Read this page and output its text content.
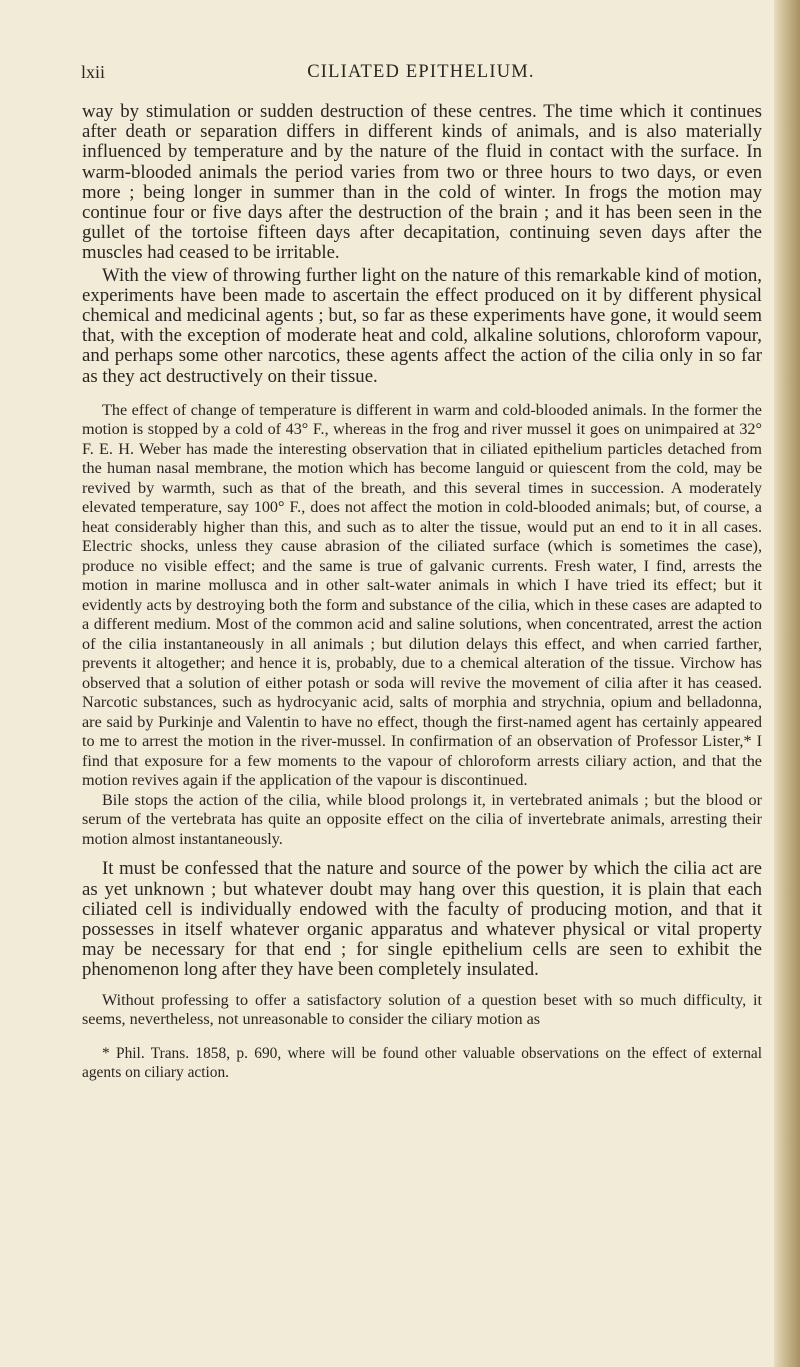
lxii	CILIATED EPITHELIUM.

way by stimulation or sudden destruction of these centres. The time which it continues after death or separation differs in different kinds of animals, and is also materially influenced by temperature and by the nature of the fluid in contact with the surface. In warm-blooded animals the period varies from two or three hours to two days, or even more ; being longer in summer than in the cold of winter. In frogs the motion may continue four or five days after the destruction of the brain ; and it has been seen in the gullet of the tortoise fifteen days after decapitation, continuing seven days after the muscles had ceased to be irritable.

With the view of throwing further light on the nature of this remarkable kind of motion, experiments have been made to ascertain the effect produced on it by different physical chemical and medicinal agents ; but, so far as these experiments have gone, it would seem that, with the exception of moderate heat and cold, alkaline solutions, chloroform vapour, and perhaps some other narcotics, these agents affect the action of the cilia only in so far as they act destructively on their tissue.

The effect of change of temperature is different in warm and cold-blooded animals. In the former the motion is stopped by a cold of 43° F., whereas in the frog and river mussel it goes on unimpaired at 32° F. E. H. Weber has made the interesting observation that in ciliated epithelium particles detached from the human nasal membrane, the motion which has become languid or quiescent from the cold, may be revived by warmth, such as that of the breath, and this several times in succession. A moderately elevated temperature, say 100° F., does not affect the motion in cold-blooded animals; but, of course, a heat considerably higher than this, and such as to alter the tissue, would put an end to it in all cases. Electric shocks, unless they cause abrasion of the ciliated surface (which is sometimes the case), produce no visible effect; and the same is true of galvanic currents. Fresh water, I find, arrests the motion in marine mollusca and in other salt-water animals in which I have tried its effect; but it evidently acts by destroying both the form and substance of the cilia, which in these cases are adapted to a different medium. Most of the common acid and saline solutions, when concentrated, arrest the action of the cilia instantaneously in all animals ; but dilution delays this effect, and when carried farther, prevents it altogether; and hence it is, probably, due to a chemical alteration of the tissue. Virchow has observed that a solution of either potash or soda will revive the movement of cilia after it has ceased. Narcotic substances, such as hydrocyanic acid, salts of morphia and strychnia, opium and belladonna, are said by Purkinje and Valentin to have no effect, though the first-named agent has certainly appeared to me to arrest the motion in the river-mussel. In confirmation of an observation of Professor Lister,* I find that exposure for a few moments to the vapour of chloroform arrests ciliary action, and that the motion revives again if the application of the vapour is discontinued.

Bile stops the action of the cilia, while blood prolongs it, in vertebrated animals ; but the blood or serum of the vertebrata has quite an opposite effect on the cilia of invertebrate animals, arresting their motion almost instantaneously.

It must be confessed that the nature and source of the power by which the cilia act are as yet unknown ; but whatever doubt may hang over this question, it is plain that each ciliated cell is individually endowed with the faculty of producing motion, and that it possesses in itself whatever organic apparatus and whatever physical or vital property may be necessary for that end ; for single epithelium cells are seen to exhibit the phenomenon long after they have been completely insulated.

Without professing to offer a satisfactory solution of a question beset with so much difficulty, it seems, nevertheless, not unreasonable to consider the ciliary motion as

* Phil. Trans. 1858, p. 690, where will be found other valuable observations on the effect of external agents on ciliary action.
